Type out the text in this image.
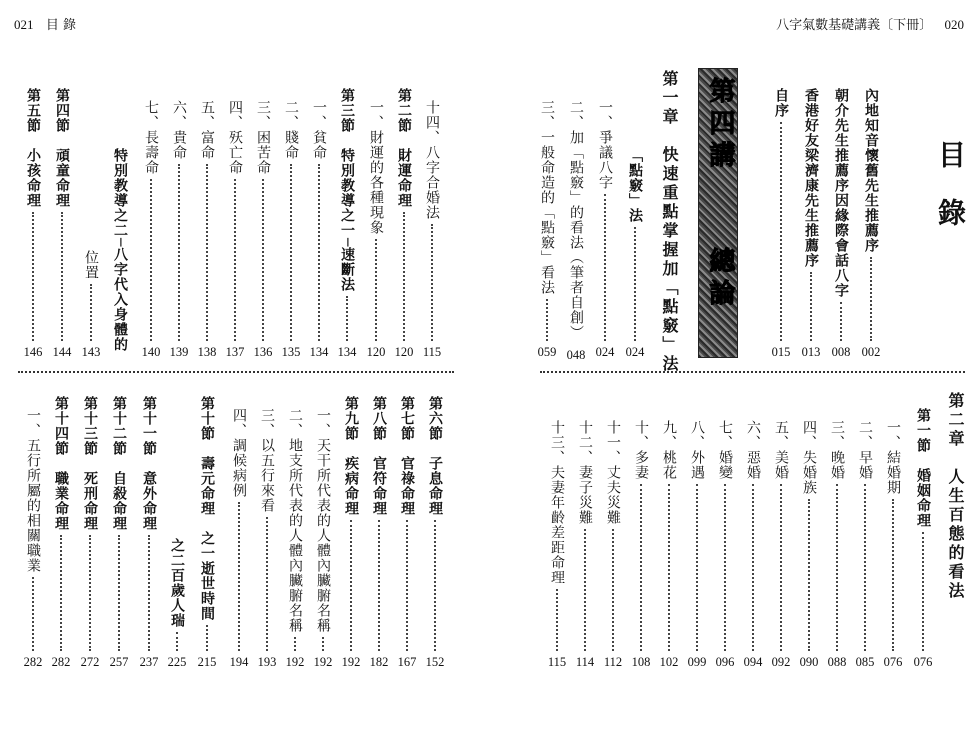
021 目 錄	八字氣數基礎講義〔下冊〕 020
目 錄
第四講
總論
第一章　快速重點掌握加「點竅」法
第二章　人生百態的看法
內地知音懷舊先生推薦序
002
朝介先生推薦序因緣際會話八字
008
香港好友梁濟康先生推薦序
013
自序
015
「點竅」法
024
一、爭議八字
024
二、加「點竅」的看法（筆者自創）
048
三、一般命造的「點竅」看法
059
十四、八字合婚法
115
第二節　財運命理
120
一、財運的各種現象
120
第三節　特別教導之一─速斷法
134
一、貧命
134
二、賤命
135
三、困苦命
136
四、殀亡命
137
五、富命
138
六、貴命
139
七、長壽命
140
特別教導之二─八字代入身體的
位置
143
第四節　頑童命理
144
第五節　小孩命理
146
第一節　婚姻命理
076
一、結婚期
076
二、早婚
085
三、晚婚
088
四、失婚族
090
五、美婚
092
六、惡婚
094
七、婚變
096
八、外遇
099
九、桃花
102
十、多妻
108
十一、丈夫災難
112
十二、妻子災難
114
十三、夫妻年齡差距命理
115
第六節　子息命理
152
第七節　官祿命理
167
第八節　官符命理
182
第九節　疾病命理
192
一、天干所代表的人體內臟腑名稱
192
二、地支所代表的人體內臟腑名稱
192
三、以五行來看
193
四、調候病例
194
第十節　壽元命理　之一逝世時間
215
之二百歲人瑞
225
第十一節　意外命理
237
第十二節　自殺命理
257
第十三節　死刑命理
272
第十四節　職業命理
282
一、五行所屬的相關職業
282
